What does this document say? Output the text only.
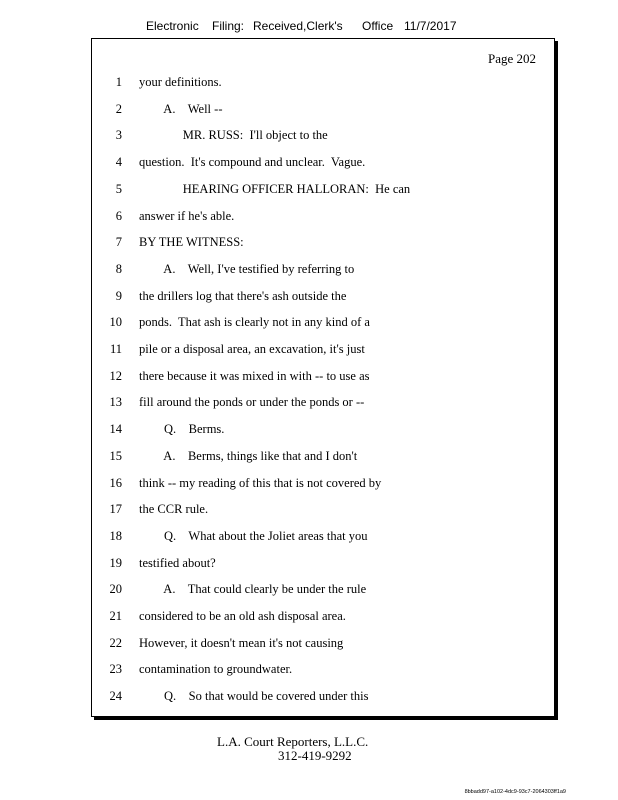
Electronic Filing: Received,Clerk's Office 11/7/2017
Page 202
1 your definitions.
2 A.    Well --
3 MR. RUSS:  I'll object to the
4 question.  It's compound and unclear.  Vague.
5 HEARING OFFICER HALLORAN:  He can
6 answer if he's able.
7 BY THE WITNESS:
8 A.    Well, I've testified by referring to
9 the drillers log that there's ash outside the
10 ponds.  That ash is clearly not in any kind of a
11 pile or a disposal area, an excavation, it's just
12 there because it was mixed in with -- to use as
13 fill around the ponds or under the ponds or --
14 Q.    Berms.
15 A.    Berms, things like that and I don't
16 think -- my reading of this that is not covered by
17 the CCR rule.
18 Q.    What about the Joliet areas that you
19 testified about?
20 A.    That could clearly be under the rule
21 considered to be an old ash disposal area.
22 However, it doesn't mean it's not causing
23 contamination to groundwater.
24 Q.    So that would be covered under this
L.A. Court Reporters, L.L.C.
312-419-9292
8bbadd97-a102-4dc9-93c7-2064303ff1a9
